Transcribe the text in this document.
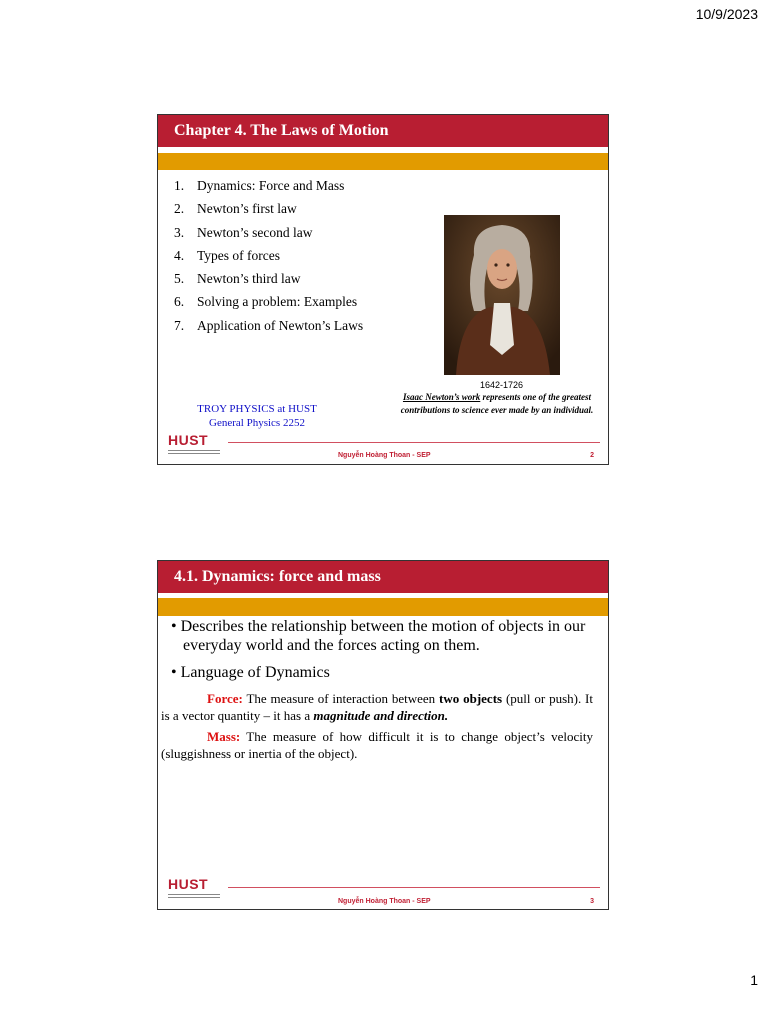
10/9/2023
Chapter 4. The Laws of Motion
1. Dynamics: Force and Mass
2. Newton’s first law
3. Newton’s second law
4. Types of forces
5. Newton’s third law
6. Solving a problem: Examples
7. Application of Newton’s Laws
1642-1726
Isaac Newton’s work represents one of the greatest contributions to science ever made by an individual.
TROY PHYSICS at HUST
General Physics 2252
HUST
Nguyễn Hoàng Thoan - SEP	2
4.1. Dynamics: force and mass

• Describes the relationship between the motion of objects in our everyday world and the forces acting on them.

• Language of Dynamics

Force: The measure of interaction between two objects (pull or push). It is a vector quantity – it has a magnitude and direction.

Mass: The measure of how difficult it is to change object’s velocity (sluggishness or inertia of the object).

HUST
Nguyễn Hoàng Thoan - SEP	3
1
